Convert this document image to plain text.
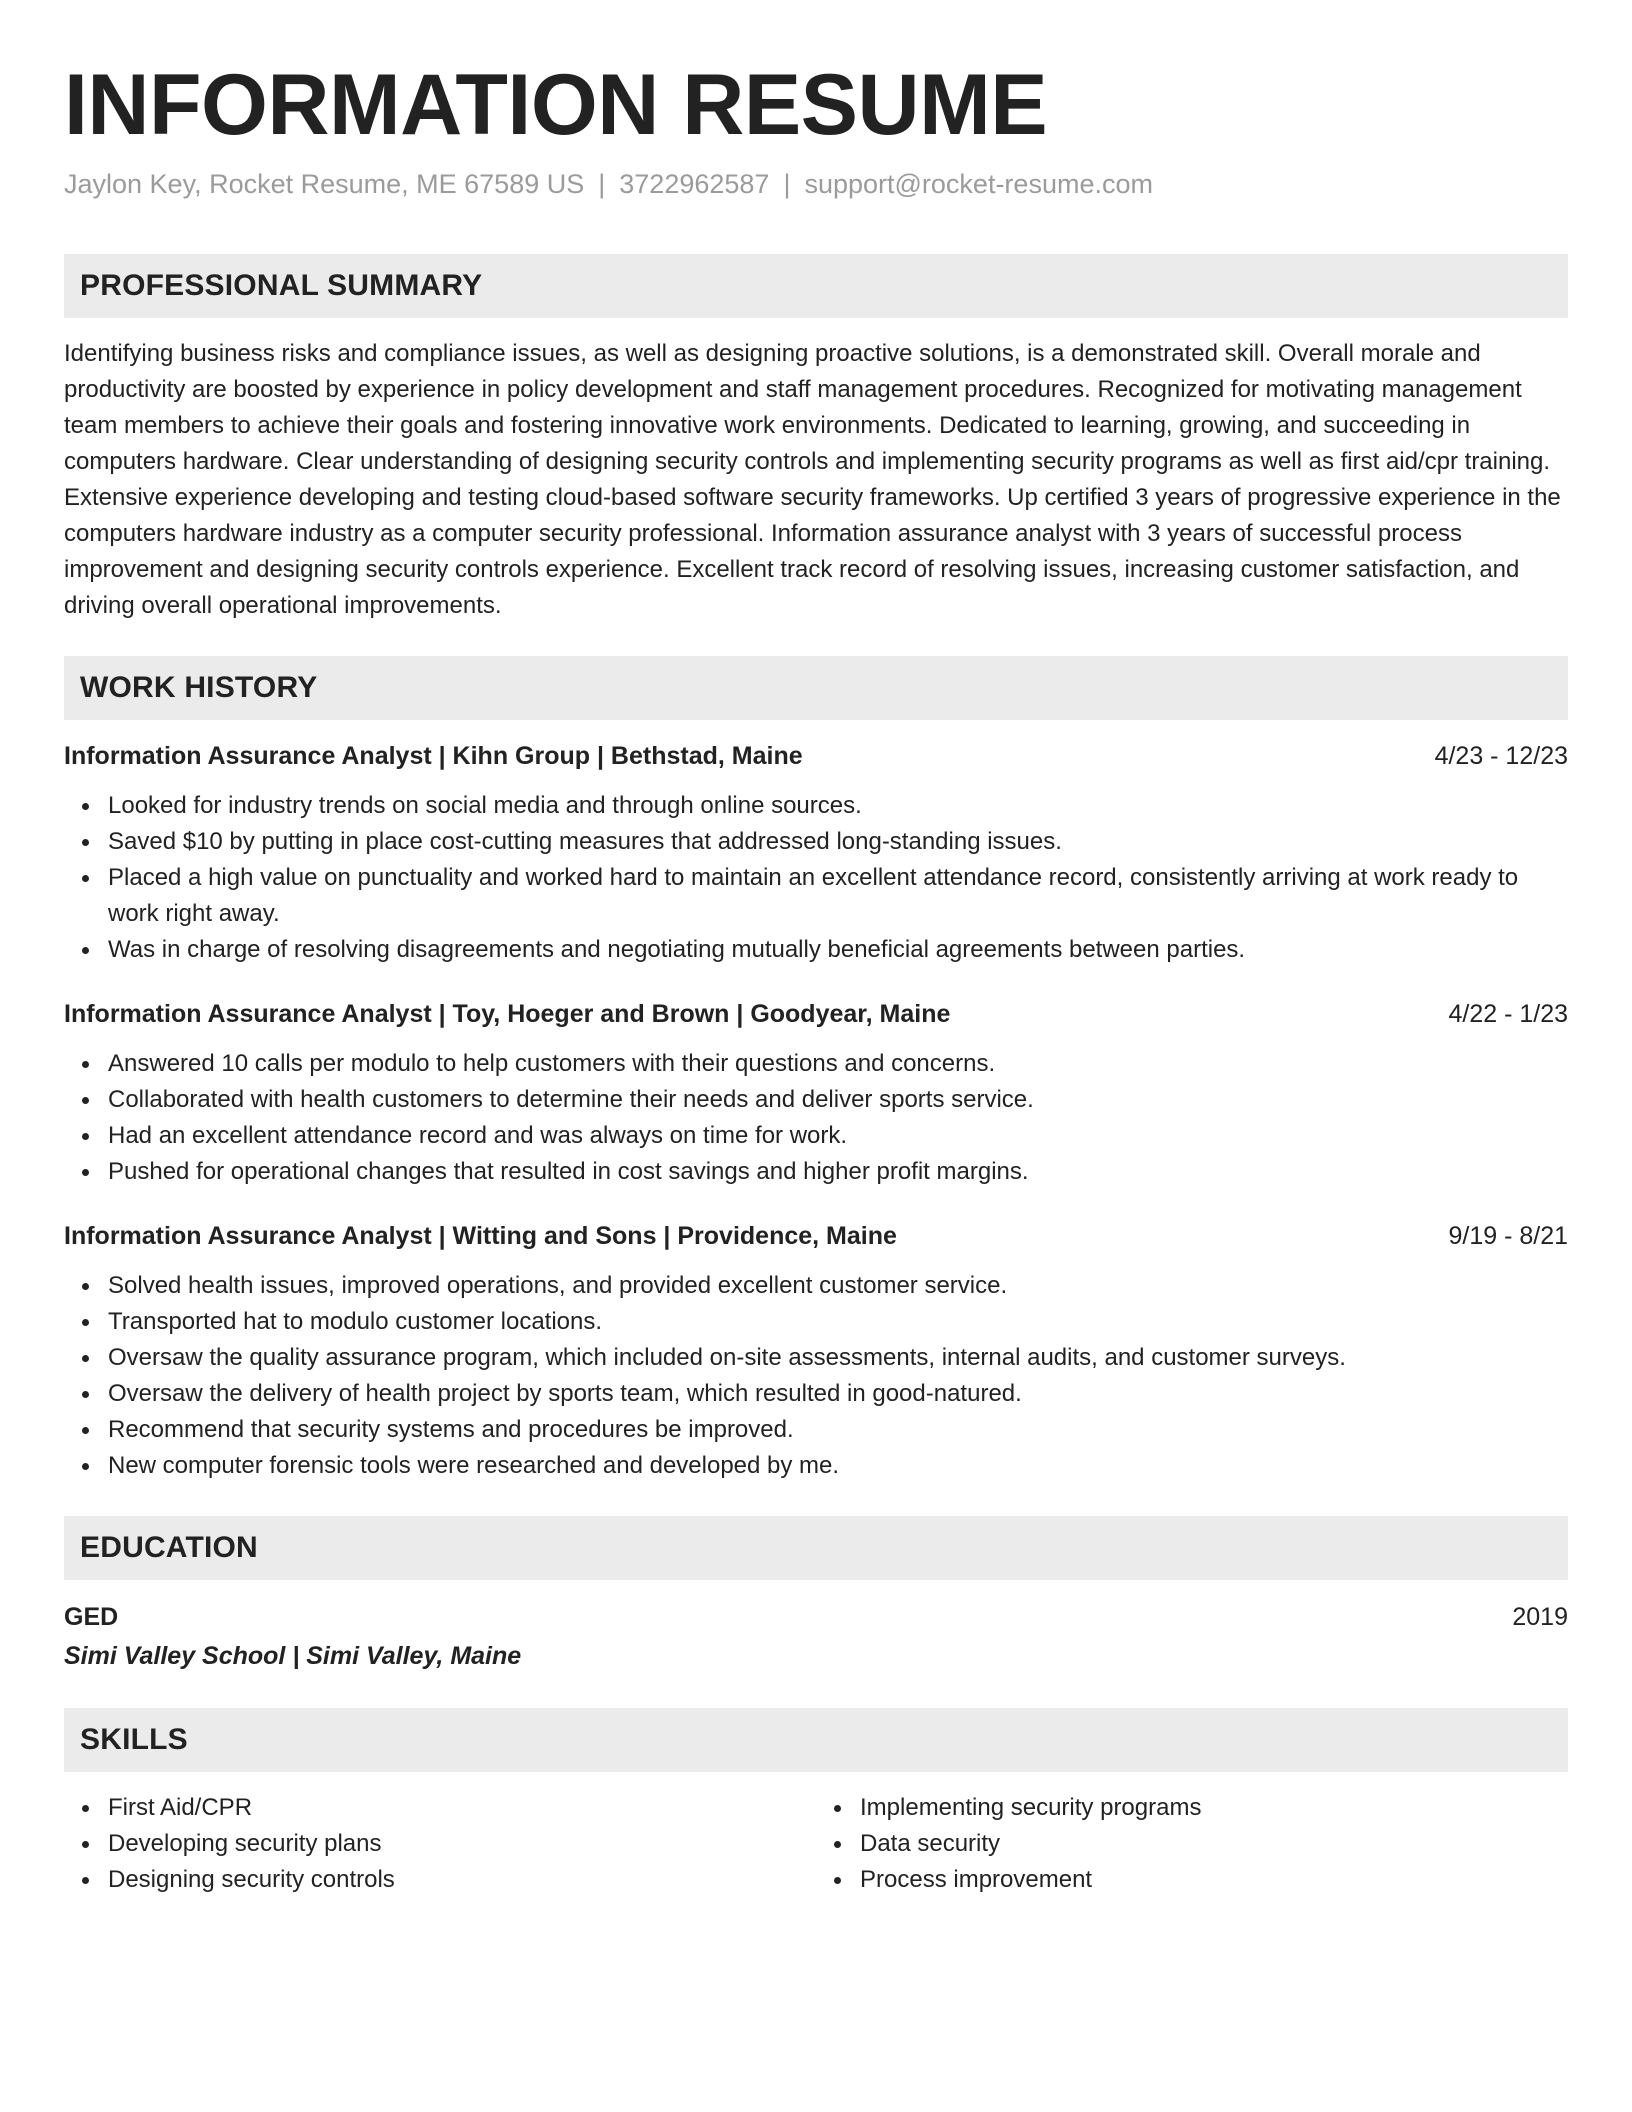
INFORMATION RESUME
Jaylon Key, Rocket Resume, ME 67589 US | 3722962587 | support@rocket-resume.com
PROFESSIONAL SUMMARY

Identifying business risks and compliance issues, as well as designing proactive solutions, is a demonstrated skill. Overall morale and productivity are boosted by experience in policy development and staff management procedures. Recognized for motivating management team members to achieve their goals and fostering innovative work environments. Dedicated to learning, growing, and succeeding in computers hardware. Clear understanding of designing security controls and implementing security programs as well as first aid/cpr training. Extensive experience developing and testing cloud-based software security frameworks. Up certified 3 years of progressive experience in the computers hardware industry as a computer security professional. Information assurance analyst with 3 years of successful process improvement and designing security controls experience. Excellent track record of resolving issues, increasing customer satisfaction, and driving overall operational improvements.

WORK HISTORY
Information Assurance Analyst | Kihn Group | Bethstad, Maine	4/23 - 12/23
Looked for industry trends on social media and through online sources.
Saved $10 by putting in place cost-cutting measures that addressed long-standing issues.
Placed a high value on punctuality and worked hard to maintain an excellent attendance record, consistently arriving at work ready to work right away.
Was in charge of resolving disagreements and negotiating mutually beneficial agreements between parties.
Information Assurance Analyst | Toy, Hoeger and Brown | Goodyear, Maine	4/22 - 1/23
Answered 10 calls per modulo to help customers with their questions and concerns.
Collaborated with health customers to determine their needs and deliver sports service.
Had an excellent attendance record and was always on time for work.
Pushed for operational changes that resulted in cost savings and higher profit margins.
Information Assurance Analyst | Witting and Sons | Providence, Maine	9/19 - 8/21
Solved health issues, improved operations, and provided excellent customer service.
Transported hat to modulo customer locations.
Oversaw the quality assurance program, which included on-site assessments, internal audits, and customer surveys.
Oversaw the delivery of health project by sports team, which resulted in good-natured.
Recommend that security systems and procedures be improved.
New computer forensic tools were researched and developed by me.
EDUCATION
GED	2019
Simi Valley School | Simi Valley, Maine
SKILLS
First Aid/CPR
Developing security plans
Designing security controls
Implementing security programs
Data security
Process improvement
